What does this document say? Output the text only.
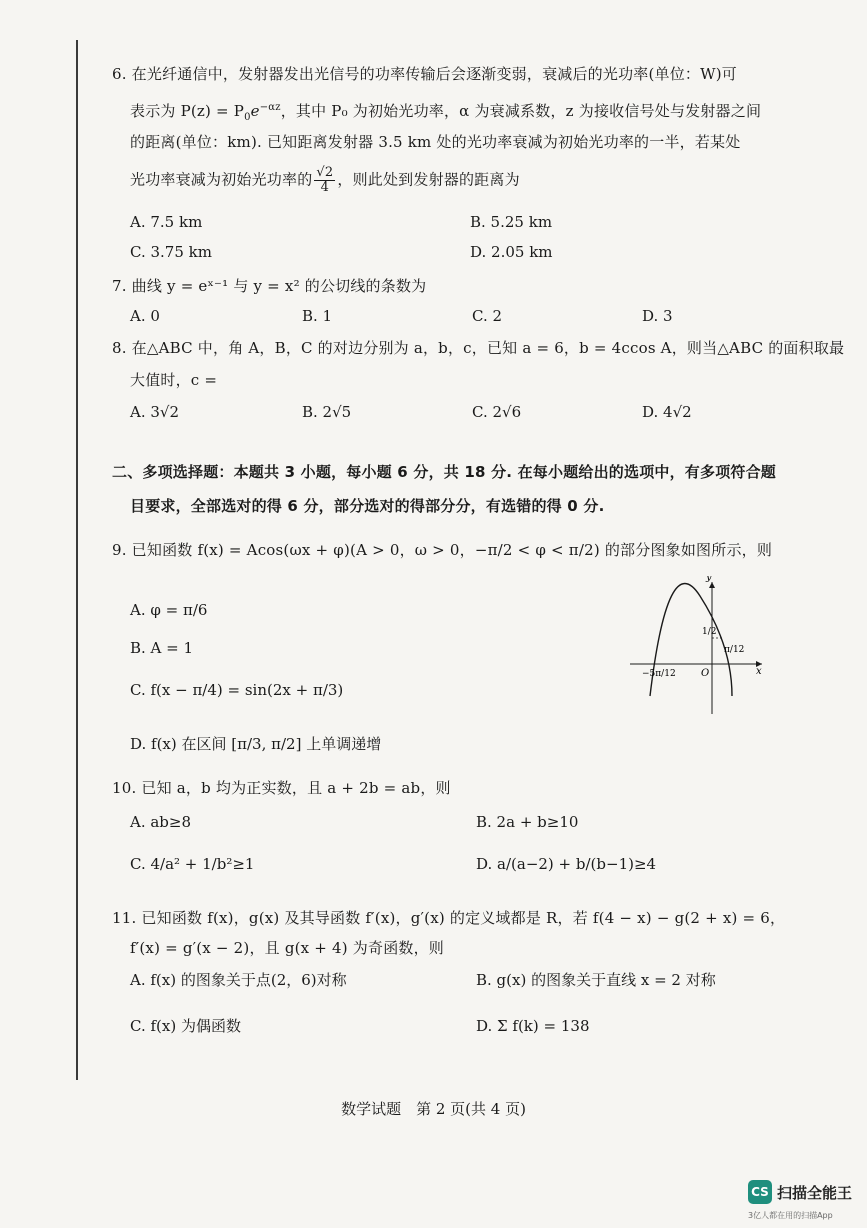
6. 在光纤通信中，发射器发出光信号的功率传输后会逐渐变弱，衰减后的光功率(单位：W)可
表示为 $P(z) = P_0e^{-\alpha z}$，其中 P₀ 为初始光功率，α 为衰减系数，z 为接收信号处与发射器之间
的距离(单位：km). 已知距离发射器 3.5 km 处的光功率衰减为初始光功率的一半，若某处
光功率衰减为初始光功率的 $\frac{√2}{4}$ ，则此处到发射器的距离为
A. 7.5 km	B. 5.25 km
C. 3.75 km	D. 2.05 km
7. 曲线 y = eˣ⁻¹ 与 y = x² 的公切线的条数为
A. 0	B. 1	C. 2	D. 3
8. 在△ABC 中，角 A，B，C 的对边分别为 a，b，c，已知 a = 6，b = 4ccos A，则当△ABC 的面积取最
大值时，c =
A. 3√2	B. 2√5	C. 2√6	D. 4√2
二、多项选择题：本题共 3 小题，每小题 6 分，共 18 分. 在每小题给出的选项中，有多项符合题
目要求，全部选对的得 6 分，部分选对的得部分分，有选错的得 0 分.
9. 已知函数 f(x) = Acos(ωx + φ)(A > 0，ω > 0，−π/2 < φ < π/2) 的部分图象如图所示，则
A. φ = π/6
B. A = 1
C. f(x − π/4) = sin(2x + π/3)
D. f(x) 在区间 [π/3, π/2] 上单调递增
y
x
O
1/2
π/12
−5π/12
10. 已知 a，b 均为正实数，且 a + 2b = ab，则
A. ab≥8	B. 2a + b≥10
C. 4/a² + 1/b²≥1	D. a/(a−2) + b/(b−1)≥4
11. 已知函数 f(x)，g(x) 及其导函数 f′(x)，g′(x) 的定义域都是 R，若 f(4 − x) − g(2 + x) = 6，
f′(x) = g′(x − 2)，且 g(x + 4) 为奇函数，则
A. f(x) 的图象关于点(2，6)对称	B. g(x) 的图象关于直线 x = 2 对称
C. f(x) 为偶函数	D. Σ f(k) = 138
数学试题　第 2 页(共 4 页)
CS 扫描全能王
3亿人都在用的扫描App
